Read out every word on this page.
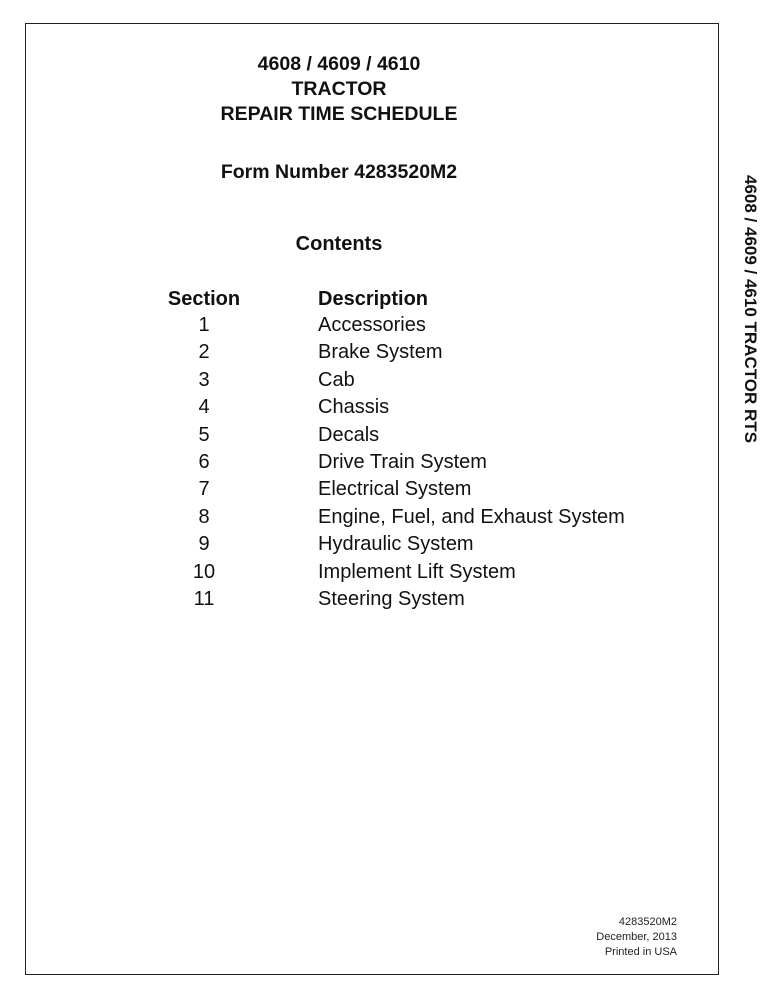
4608 / 4609 / 4610
TRACTOR
REPAIR TIME SCHEDULE
Form Number 4283520M2
Contents
Section	Description
1	Accessories
2	Brake System
3	Cab
4	Chassis
5	Decals
6	Drive Train System
7	Electrical System
8	Engine, Fuel, and Exhaust System
9	Hydraulic System
10	Implement Lift System
11	Steering System
4608 / 4609 / 4610 TRACTOR RTS
4283520M2
December, 2013
Printed in USA
